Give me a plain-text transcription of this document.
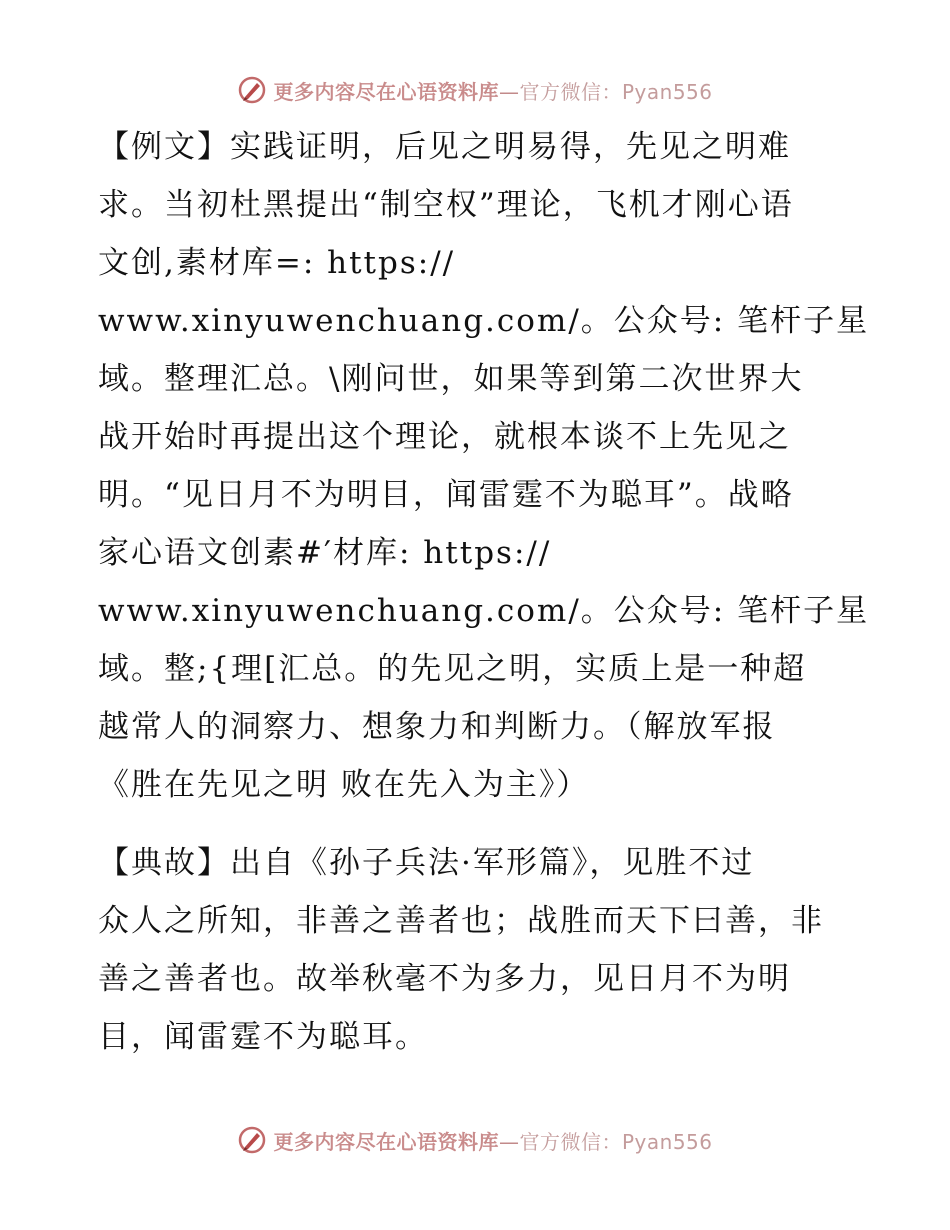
更多内容尽在心语资料库—官方微信：Pyan556

【例文】实践证明，后见之明易得，先见之明难
求。当初杜黑提出“制空权”理论，飞机才刚心语
文创,素材库=: https://
www.xinyuwenchuang.com/。公众号: 笔杆子星
域。整理汇总。\刚问世，如果等到第二次世界大
战开始时再提出这个理论，就根本谈不上先见之
明。“见日月不为明目，闻雷霆不为聪耳”。战略
家心语文创素#′材库: https://
www.xinyuwenchuang.com/。公众号: 笔杆子星
域。整;{理[汇总。的先见之明，实质上是一种超
越常人的洞察力、想象力和判断力。（解放军报
《胜在先见之明 败在先入为主》）

【典故】出自《孙子兵法·军形篇》，见胜不过
众人之所知，非善之善者也；战胜而天下曰善，非
善之善者也。故举秋毫不为多力，见日月不为明
目，闻雷霆不为聪耳。

更多内容尽在心语资料库—官方微信：Pyan556
